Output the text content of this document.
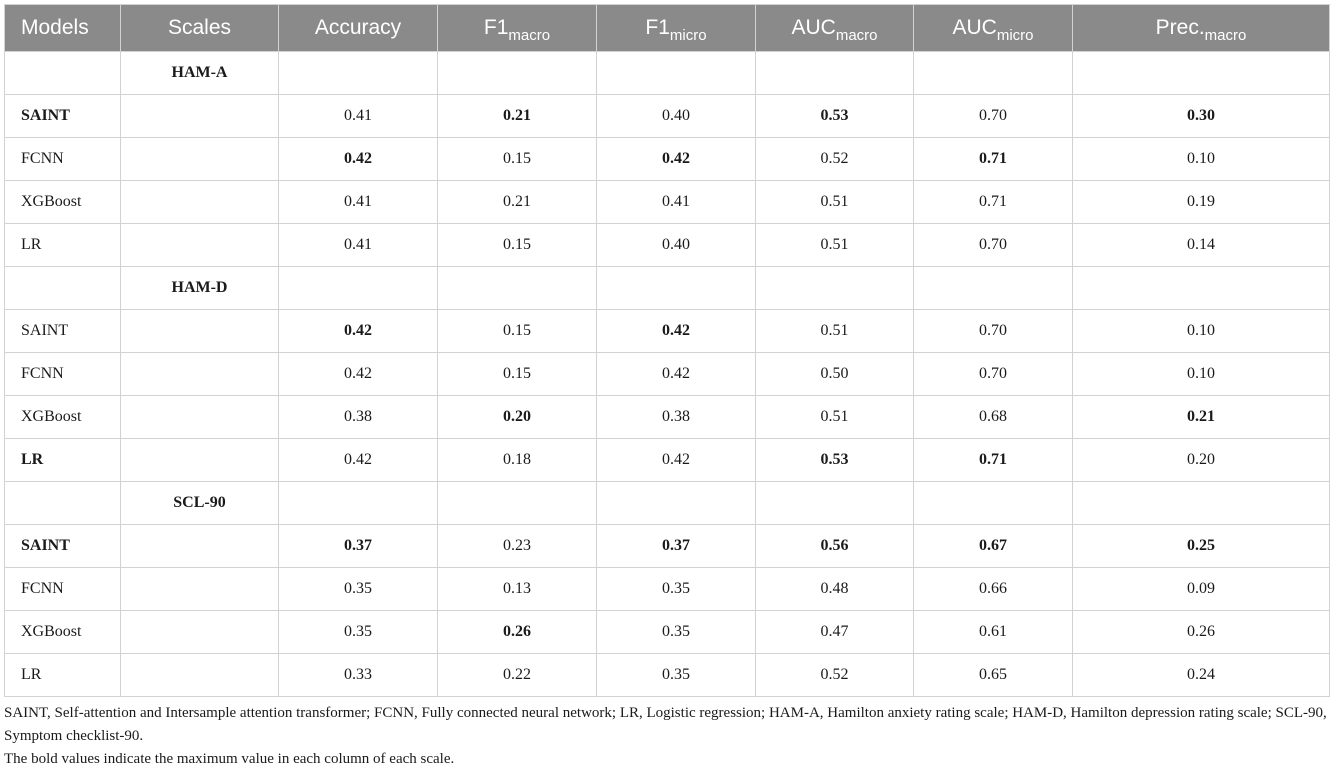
Models	Scales	Accuracy	$F1_{macro}$	$F1_{micro}$	$AUC_{macro}$	$AUC_{micro}$	$Prec._{macro}$
	HAM-A						
SAINT		0.41	0.21	0.40	0.53	0.70	0.30
FCNN		0.42	0.15	0.42	0.52	0.71	0.10
XGBoost		0.41	0.21	0.41	0.51	0.71	0.19
LR		0.41	0.15	0.40	0.51	0.70	0.14
	HAM-D						
SAINT		0.42	0.15	0.42	0.51	0.70	0.10
FCNN		0.42	0.15	0.42	0.50	0.70	0.10
XGBoost		0.38	0.20	0.38	0.51	0.68	0.21
LR		0.42	0.18	0.42	0.53	0.71	0.20
	SCL-90						
SAINT		0.37	0.23	0.37	0.56	0.67	0.25
FCNN		0.35	0.13	0.35	0.48	0.66	0.09
XGBoost		0.35	0.26	0.35	0.47	0.61	0.26
LR		0.33	0.22	0.35	0.52	0.65	0.24

SAINT, Self-attention and Intersample attention transformer; FCNN, Fully connected neural network; LR, Logistic regression; HAM-A, Hamilton anxiety rating scale; HAM-D, Hamilton depression rating scale; SCL-90, Symptom checklist-90.

The bold values indicate the maximum value in each column of each scale.
